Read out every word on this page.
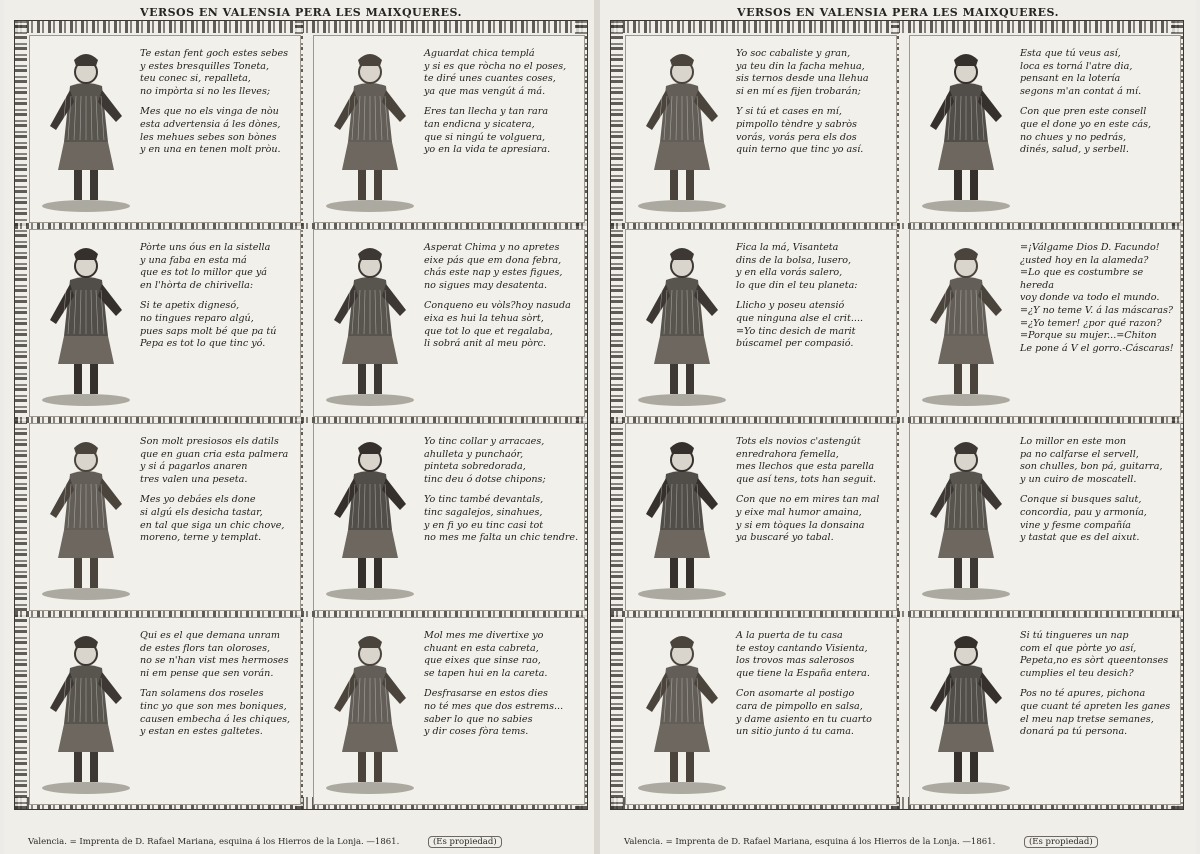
VERSOS EN VALENSIA PERA LES MAIXQUERES.

Te estan fent goch estes sebes
y estes bresquilles Toneta,
teu conec si, repalleta,
no impòrta si no les lleves;

Mes que no els vinga de nòu
esta advertensia á les dònes,
les mehues sebes son bònes
y en una en tenen molt pròu.

Aguardat chica templá
y si es que ròcha no el poses,
te diré unes cuantes coses,
ya que mas vengút á má.

Eres tan llecha y tan rara
tan endicna y sicatera,
que si ningú te volguera,
yo en la vida te apresiara.

Pòrte uns óus en la sistella
y una faba en esta má
que es tot lo millor que yá
en l'hòrta de chirivella:

Si te apetix dignesó,
no tingues reparo algú,
pues saps molt bé que pa tú
Pepa es tot lo que tinc yó.

Asperat Chima y no apretes
eixe pás que em dona febra,
chás este nap y estes figues,
no sigues may desatenta.

Conqueno eu vòls?hoy nasuda
eixa es hui la tehua sòrt,
que tot lo que et regalaba,
li sobrá anit al meu pòrc.

Son molt presiosos els datils
que en guan cria esta palmera
y si á pagarlos anaren
tres valen una peseta.

Mes yo debáes els done
si algú els desicha tastar,
en tal que siga un chic chove,
moreno, terne y templat.

Yo tinc collar y arracaes,
ahulleta y punchaór,
pinteta sobredorada,
tinc deu ó dotse chipons;

Yo tinc també devantals,
tinc sagalejos, sinahues,
y en fi yo eu tinc casi tot
no mes me falta un chic tendre.

Qui es el que demana unram
de estes flors tan oloroses,
no se n'han vist mes hermoses
ni em pense que sen vorán.

Tan solamens dos roseles
tinc yo que son mes boniques,
causen embecha á les chiques,
y estan en estes galtetes.

Mol mes me divertixe yo
chuant en esta cabreta,
que eixes que sinse rao,
se tapen hui en la careta.

Desfrasarse en estos dies
no té mes que dos estrems...
saber lo que no sabies
y dir coses fòra tems.

Valencia. = Imprenta de D. Rafael Mariana, esquina á los Hierros de la Lonja. —1861.	(Es propiedad)
VERSOS EN VALENSIA PERA LES MAIXQUERES.

Yo soc cabaliste y gran,
ya teu din la facha mehua,
sis ternos desde una llehua
si en mí es fijen trobarán;

Y si tú et cases en mí,
pimpollo tèndre y sabròs
vorás, vorás pera els dos
quin terno que tinc yo así.

Esta que tú veus así,
loca es torná l'atre dia,
pensant en la lotería
segons m'an contat á mí.

Con que pren este consell
que el done yo en este cás,
no chues y no pedrás,
dinés, salud, y serbell.

Fica la má, Visanteta
dins de la bolsa, lusero,
y en ella vorás salero,
lo que din el teu planeta:

Llicho y poseu atensió
que ninguna alse el crit....
=Yo tinc desich de marit
búscamel per compasió.

=¡Válgame Dios D. Facundo!
¿usted hoy en la alameda?
=Lo que es costumbre se hereda
voy donde va todo el mundo.
=¿Y no teme V. á las máscaras?
=¿Yo temer! ¿por qué razon?
=Porque su mujer...=Chiton
Le pone á V el gorro.-Cáscaras!

Tots els novios c'astengút
enredrahora femella,
mes llechos que esta parella
que así tens, tots han seguit.

Con que no em mires tan mal
y eixe mal humor amaina,
y si em tòques la donsaina
ya buscaré yo tabal.

Lo millor en este mon
pa no calfarse el servell,
son chulles, bon pá, guitarra,
y un cuiro de moscatell.

Conque si busques salut,
concordia, pau y armonía,
vine y fesme compañía
y tastat que es del aixut.

A la puerta de tu casa
te estoy cantando Visienta,
los trovos mas salerosos
que tiene la España entera.

Con asomarte al postigo
cara de pimpollo en salsa,
y dame asiento en tu cuarto
un sitio junto á tu cama.

Si tú tingueres un nap
com el que pòrte yo así,
Pepeta,no es sòrt queentonses
cumplies el teu desich?

Pos no té apures, pichona
que cuant té apreten les ganes
el meu nap tretse semanes,
donará pa tú persona.

Valencia. = Imprenta de D. Rafael Mariana, esquina á los Hierros de la Lonja. —1861.	(Es propiedad)
